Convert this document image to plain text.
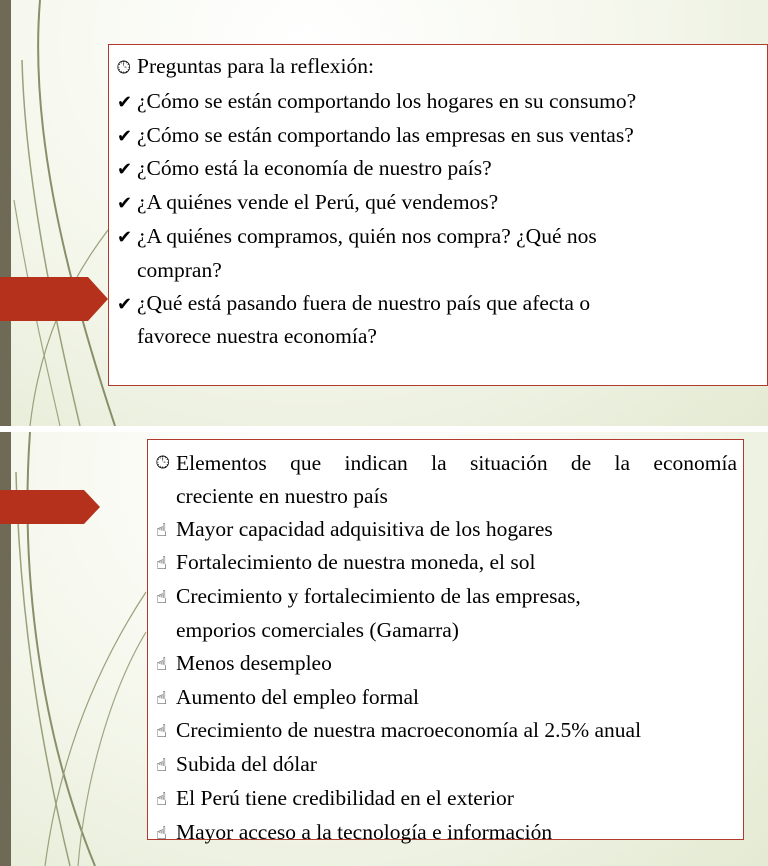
🕒︎ Preguntas para la reflexión:
✔︎ ¿Cómo se están comportando los hogares en su consumo?
✔︎ ¿Cómo se están comportando las empresas en sus ventas?
✔︎ ¿Cómo está la economía de nuestro país?
✔︎ ¿A quiénes vende el Perú, qué vendemos?
✔︎ ¿A quiénes compramos, quién nos compra? ¿Qué nos
compran?
✔︎ ¿Qué está pasando fuera de nuestro país que afecta o
favorece nuestra economía?
🕒︎ Elementos que indican la situación de la economía
creciente en nuestro país
☝︎ Mayor capacidad adquisitiva de los hogares
☝︎ Fortalecimiento de nuestra moneda, el sol
☝︎ Crecimiento y fortalecimiento de las empresas,
emporios comerciales (Gamarra)
☝︎ Menos desempleo
☝︎ Aumento del empleo formal
☝︎ Crecimiento de nuestra macroeconomía al 2.5% anual
☝︎ Subida del dólar
☝︎ El Perú tiene credibilidad en el exterior
☝︎ Mayor acceso a la tecnología e información
